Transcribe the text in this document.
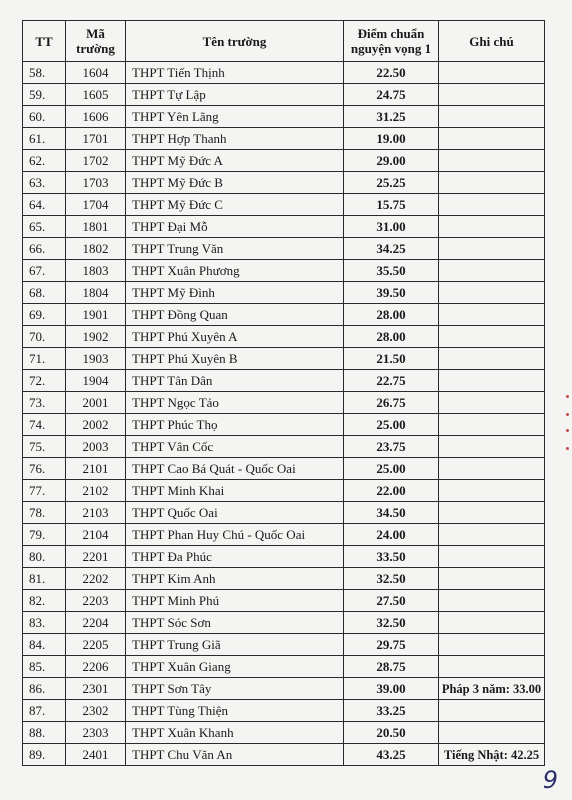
TT	Mã trường	Tên trường	Điểm chuẩn nguyện vọng 1	Ghi chú
58.	1604	THPT Tiến Thịnh	22.50	
59.	1605	THPT Tự Lập	24.75	
60.	1606	THPT Yên Lãng	31.25	
61.	1701	THPT Hợp Thanh	19.00	
62.	1702	THPT Mỹ Đức A	29.00	
63.	1703	THPT Mỹ Đức B	25.25	
64.	1704	THPT Mỹ Đức C	15.75	
65.	1801	THPT Đại Mỗ	31.00	
66.	1802	THPT Trung Văn	34.25	
67.	1803	THPT Xuân Phương	35.50	
68.	1804	THPT Mỹ Đình	39.50	
69.	1901	THPT Đồng Quan	28.00	
70.	1902	THPT Phú Xuyên A	28.00	
71.	1903	THPT Phú Xuyên B	21.50	
72.	1904	THPT Tân Dân	22.75	
73.	2001	THPT Ngọc Tảo	26.75	
74.	2002	THPT Phúc Thọ	25.00	
75.	2003	THPT Vân Cốc	23.75	
76.	2101	THPT Cao Bá Quát - Quốc Oai	25.00	
77.	2102	THPT Minh Khai	22.00	
78.	2103	THPT Quốc Oai	34.50	
79.	2104	THPT Phan Huy Chú - Quốc Oai	24.00	
80.	2201	THPT Đa Phúc	33.50	
81.	2202	THPT Kim Anh	32.50	
82.	2203	THPT Minh Phú	27.50	
83.	2204	THPT Sóc Sơn	32.50	
84.	2205	THPT Trung Giã	29.75	
85.	2206	THPT Xuân Giang	28.75	
86.	2301	THPT Sơn Tây	39.00	Pháp 3 năm: 33.00
87.	2302	THPT Tùng Thiện	33.25	
88.	2303	THPT Xuân Khanh	20.50	
89.	2401	THPT Chu Văn An	43.25	Tiếng Nhật: 42.25
9
